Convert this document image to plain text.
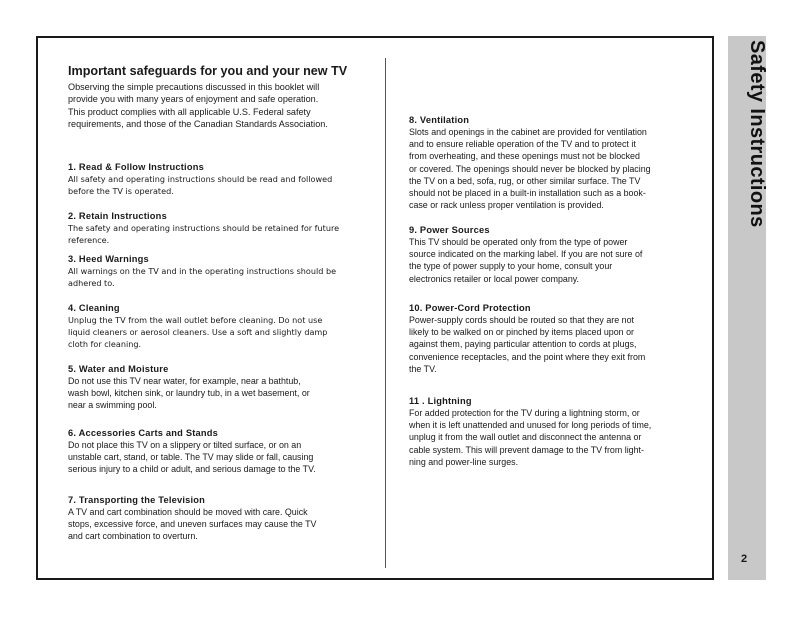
Important safeguards for you and your new TV
Observing the simple precautions discussed in this booklet will
provide you with many years of enjoyment and safe operation.
This product complies with all applicable U.S. Federal safety
requirements, and those of the Canadian Standards Association.
1. Read & Follow Instructions
All safety and operating instructions should be read and followed
before the TV is operated.
2. Retain Instructions
The safety and operating instructions should be retained for future
reference.
3. Heed Warnings
All warnings on the TV and in the operating instructions should be
adhered to.
4. Cleaning
Unplug the TV from the wall outlet before cleaning. Do not use
liquid cleaners or aerosol cleaners. Use a soft and slightly damp
cloth for cleaning.
5. Water and Moisture
Do not use this TV near water, for example, near a bathtub,
wash bowl, kitchen sink, or laundry tub, in a wet basement, or
near a swimming pool.
6. Accessories Carts and Stands
Do not place this TV on a slippery or tilted surface, or on an
unstable cart, stand, or table. The TV may slide or fall, causing
serious injury to a child or adult, and serious damage to the TV.
7. Transporting the Television
A TV and cart combination should be moved with care. Quick
stops, excessive force, and uneven surfaces may cause the TV
and cart combination to overturn.
8. Ventilation
Slots and openings in the cabinet are provided for ventilation
and to ensure reliable operation of the TV and to protect it
from overheating, and these openings must not be blocked
or covered. The openings should never be blocked by placing
the TV on a bed, sofa, rug, or other similar surface. The TV
should not be placed in a built-in installation such as a book-
case or rack unless proper ventilation is provided.
9. Power Sources
This TV should be operated only from the type of power
source indicated on the marking label. If you are not sure of
the type of power supply to your home, consult your
electronics retailer or local power company.
10. Power-Cord Protection
Power-supply cords should be routed so that they are not
likely to be walked on or pinched by items placed upon or
against them, paying particular attention to cords at plugs,
convenience receptacles, and the point where they exit from
the TV.
11 . Lightning
For added protection for the TV during a lightning storm, or
when it is left unattended and unused for long periods of time,
unplug it from the wall outlet and disconnect the antenna or
cable system. This will prevent damage to the TV from light-
ning and power-line surges.
Safety Instructions
2
